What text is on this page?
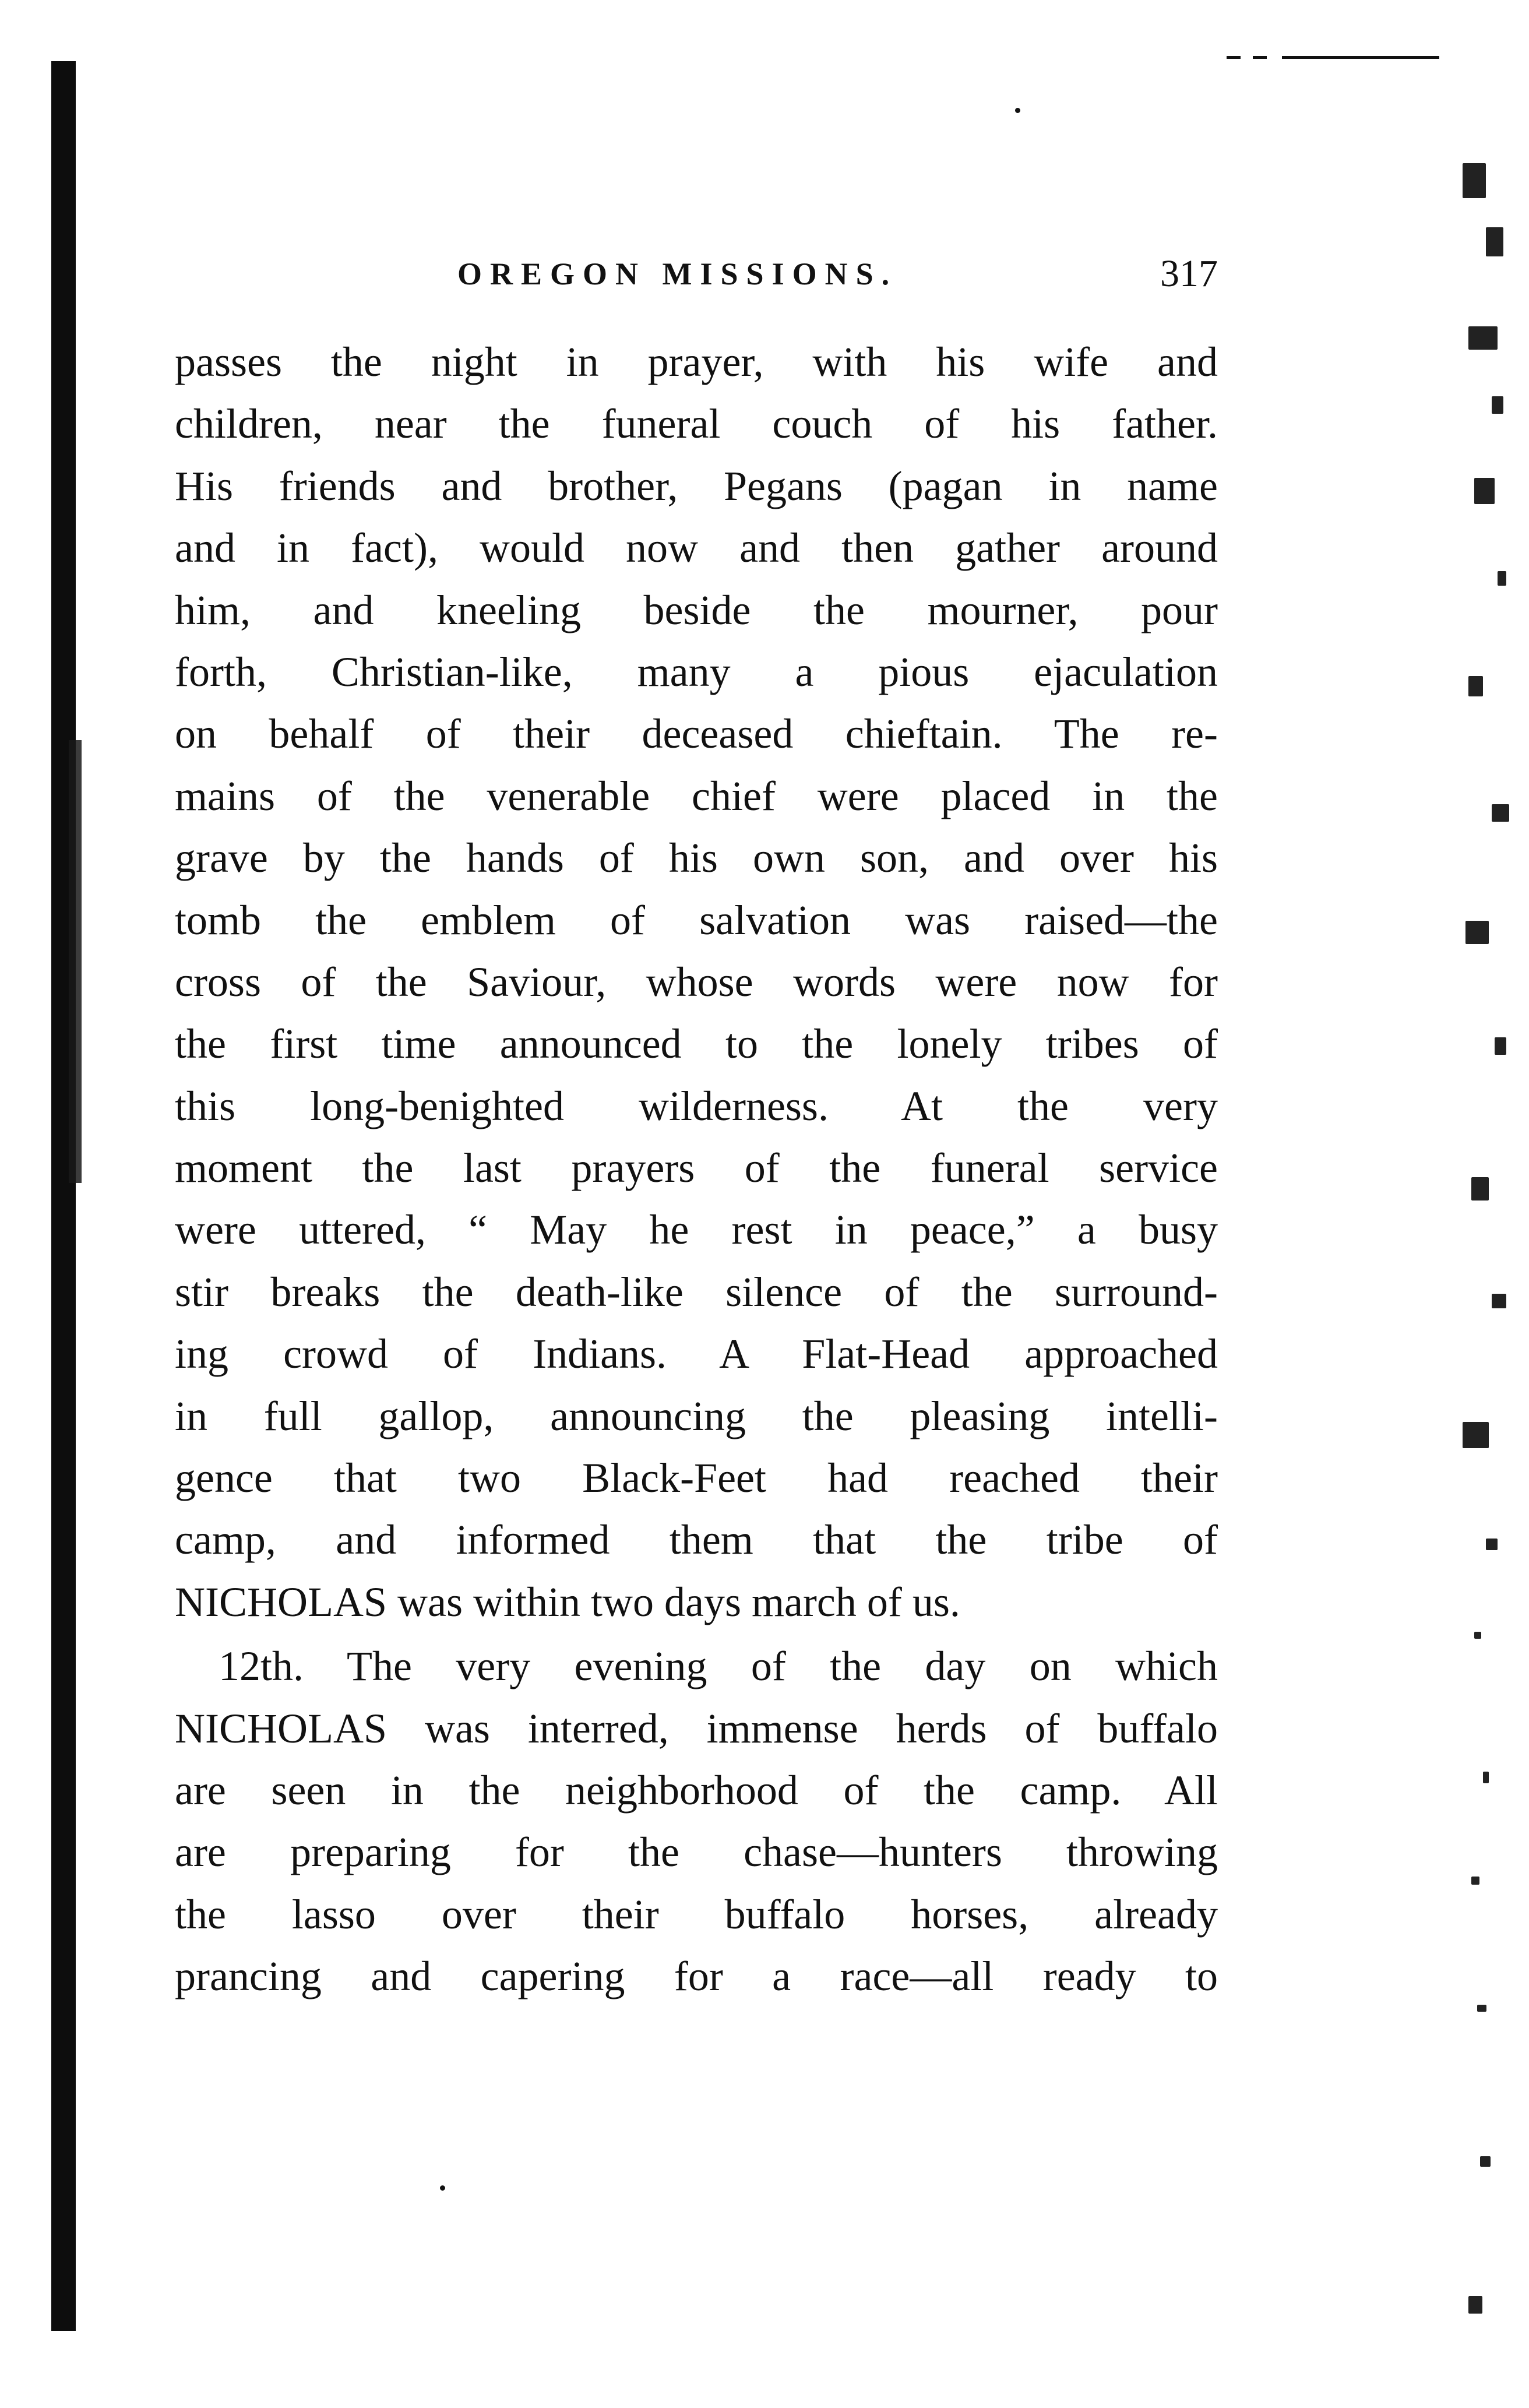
OREGON MISSIONS.	317
passes the night in prayer, with his wife and
children, near the funeral couch of his father.
His friends and brother, Pegans (pagan in name
and in fact), would now and then gather around
him, and kneeling beside the mourner, pour
forth, Christian-like, many a pious ejaculation
on behalf of their deceased chieftain. The re-
mains of the venerable chief were placed in the
grave by the hands of his own son, and over his
tomb the emblem of salvation was raised—the
cross of the Saviour, whose words were now for
the first time announced to the lonely tribes of
this long-benighted wilderness. At the very
moment the last prayers of the funeral service
were uttered, “ May he rest in peace,” a busy
stir breaks the death-like silence of the surround-
ing crowd of Indians. A Flat-Head approached
in full gallop, announcing the pleasing intelli-
gence that two Black-Feet had reached their
camp, and informed them that the tribe of
NICHOLAS was within two days march of us.
12th. The very evening of the day on which
NICHOLAS was interred, immense herds of buffalo
are seen in the neighborhood of the camp. All
are preparing for the chase—hunters throwing
the lasso over their buffalo horses, already
prancing and capering for a race—all ready to
